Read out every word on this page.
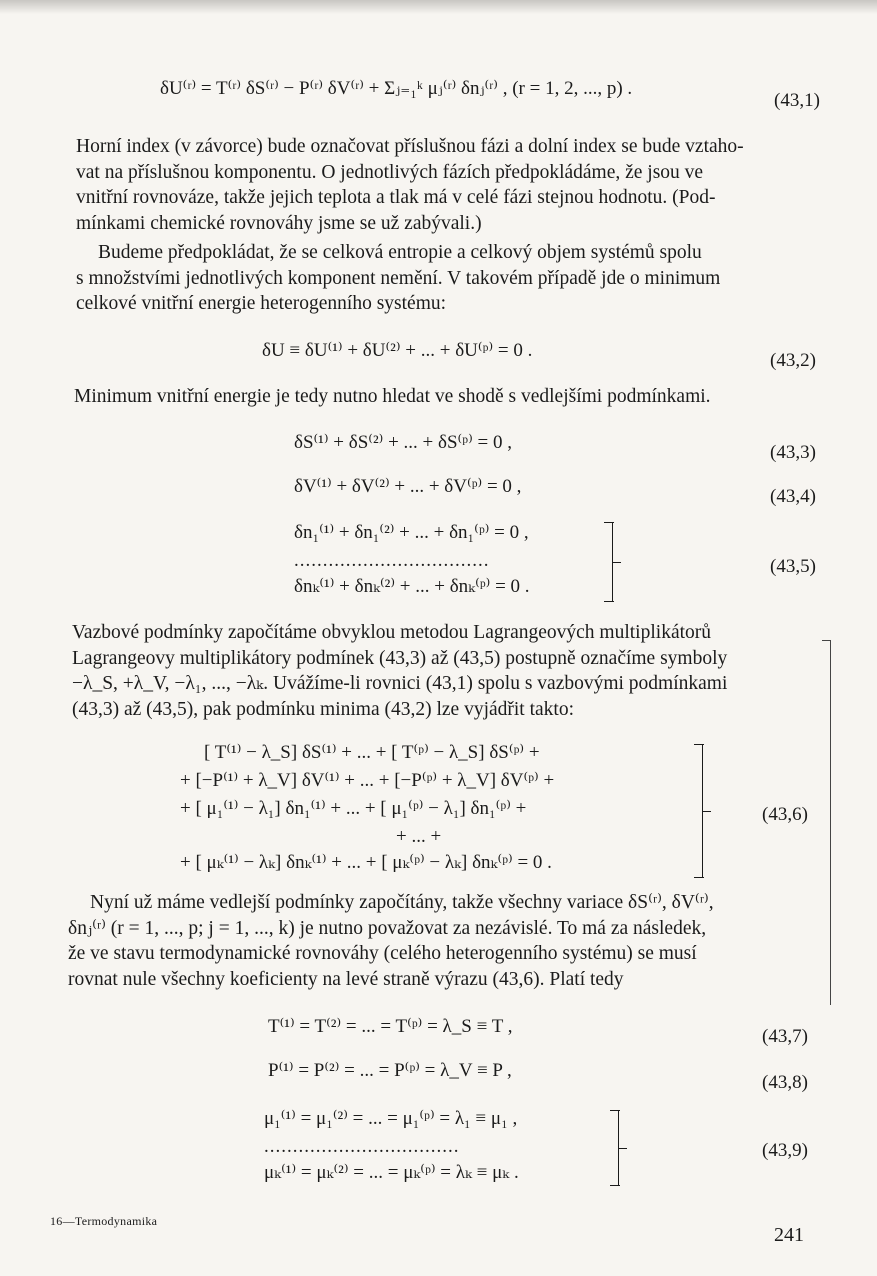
δU⁽ʳ⁾ = T⁽ʳ⁾ δS⁽ʳ⁾ − P⁽ʳ⁾ δV⁽ʳ⁾ + Σⱼ₌₁ᵏ μⱼ⁽ʳ⁾ δnⱼ⁽ʳ⁾ , (r = 1, 2, ..., p) .
(43,1)
Horní index (v závorce) bude označovat příslušnou fázi a dolní index se bude vztaho-
vat na příslušnou komponentu. O jednotlivých fázích předpokládáme, že jsou ve
vnitřní rovnováze, takže jejich teplota a tlak má v celé fázi stejnou hodnotu. (Pod-
mínkami chemické rovnováhy jsme se už zabývali.)
Budeme předpokládat, že se celková entropie a celkový objem systémů spolu
s množstvími jednotlivých komponent nemění. V takovém případě jde o minimum
celkové vnitřní energie heterogenního systému:
δU ≡ δU⁽¹⁾ + δU⁽²⁾ + ... + δU⁽ᵖ⁾ = 0 .	(43,2)
Minimum vnitřní energie je tedy nutno hledat ve shodě s vedlejšími podmínkami.
δS⁽¹⁾ + δS⁽²⁾ + ... + δS⁽ᵖ⁾ = 0 ,	(43,3)
δV⁽¹⁾ + δV⁽²⁾ + ... + δV⁽ᵖ⁾ = 0 ,	(43,4)
δn₁⁽¹⁾ + δn₁⁽²⁾ + ... + δn₁⁽ᵖ⁾ = 0 ,
..................................
δnₖ⁽¹⁾ + δnₖ⁽²⁾ + ... + δnₖ⁽ᵖ⁾ = 0 .
(43,5)
Vazbové podmínky započítáme obvyklou metodou Lagrangeových multiplikátorů
Lagrangeovy multiplikátory podmínek (43,3) až (43,5) postupně označíme symboly
−λ_S, +λ_V, −λ₁, ..., −λₖ. Uvážíme-li rovnici (43,1) spolu s vazbovými podmínkami
(43,3) až (43,5), pak podmínku minima (43,2) lze vyjádřit takto:
[ T⁽¹⁾ − λ_S] δS⁽¹⁾ + ... + [ T⁽ᵖ⁾ − λ_S] δS⁽ᵖ⁾ +
+ [−P⁽¹⁾ + λ_V] δV⁽¹⁾ + ... + [−P⁽ᵖ⁾ + λ_V] δV⁽ᵖ⁾ +
+ [ μ₁⁽¹⁾ − λ₁] δn₁⁽¹⁾ + ... + [ μ₁⁽ᵖ⁾ − λ₁] δn₁⁽ᵖ⁾ +
+ ... +
+ [ μₖ⁽¹⁾ − λₖ] δnₖ⁽¹⁾ + ... + [ μₖ⁽ᵖ⁾ − λₖ] δnₖ⁽ᵖ⁾ = 0 .
(43,6)
Nyní už máme vedlejší podmínky započítány, takže všechny variace δS⁽ʳ⁾, δV⁽ʳ⁾,
δnⱼ⁽ʳ⁾ (r = 1, ..., p; j = 1, ..., k) je nutno považovat za nezávislé. To má za následek,
že ve stavu termodynamické rovnováhy (celého heterogenního systému) se musí
rovnat nule všechny koeficienty na levé straně výrazu (43,6). Platí tedy
T⁽¹⁾ = T⁽²⁾ = ... = T⁽ᵖ⁾ = λ_S ≡ T ,	(43,7)
P⁽¹⁾ = P⁽²⁾ = ... = P⁽ᵖ⁾ = λ_V ≡ P ,
(43,8)
μ₁⁽¹⁾ = μ₁⁽²⁾ = ... = μ₁⁽ᵖ⁾ = λ₁ ≡ μ₁ ,
..................................
μₖ⁽¹⁾ = μₖ⁽²⁾ = ... = μₖ⁽ᵖ⁾ = λₖ ≡ μₖ .
(43,9)
16—Termodynamika
241
